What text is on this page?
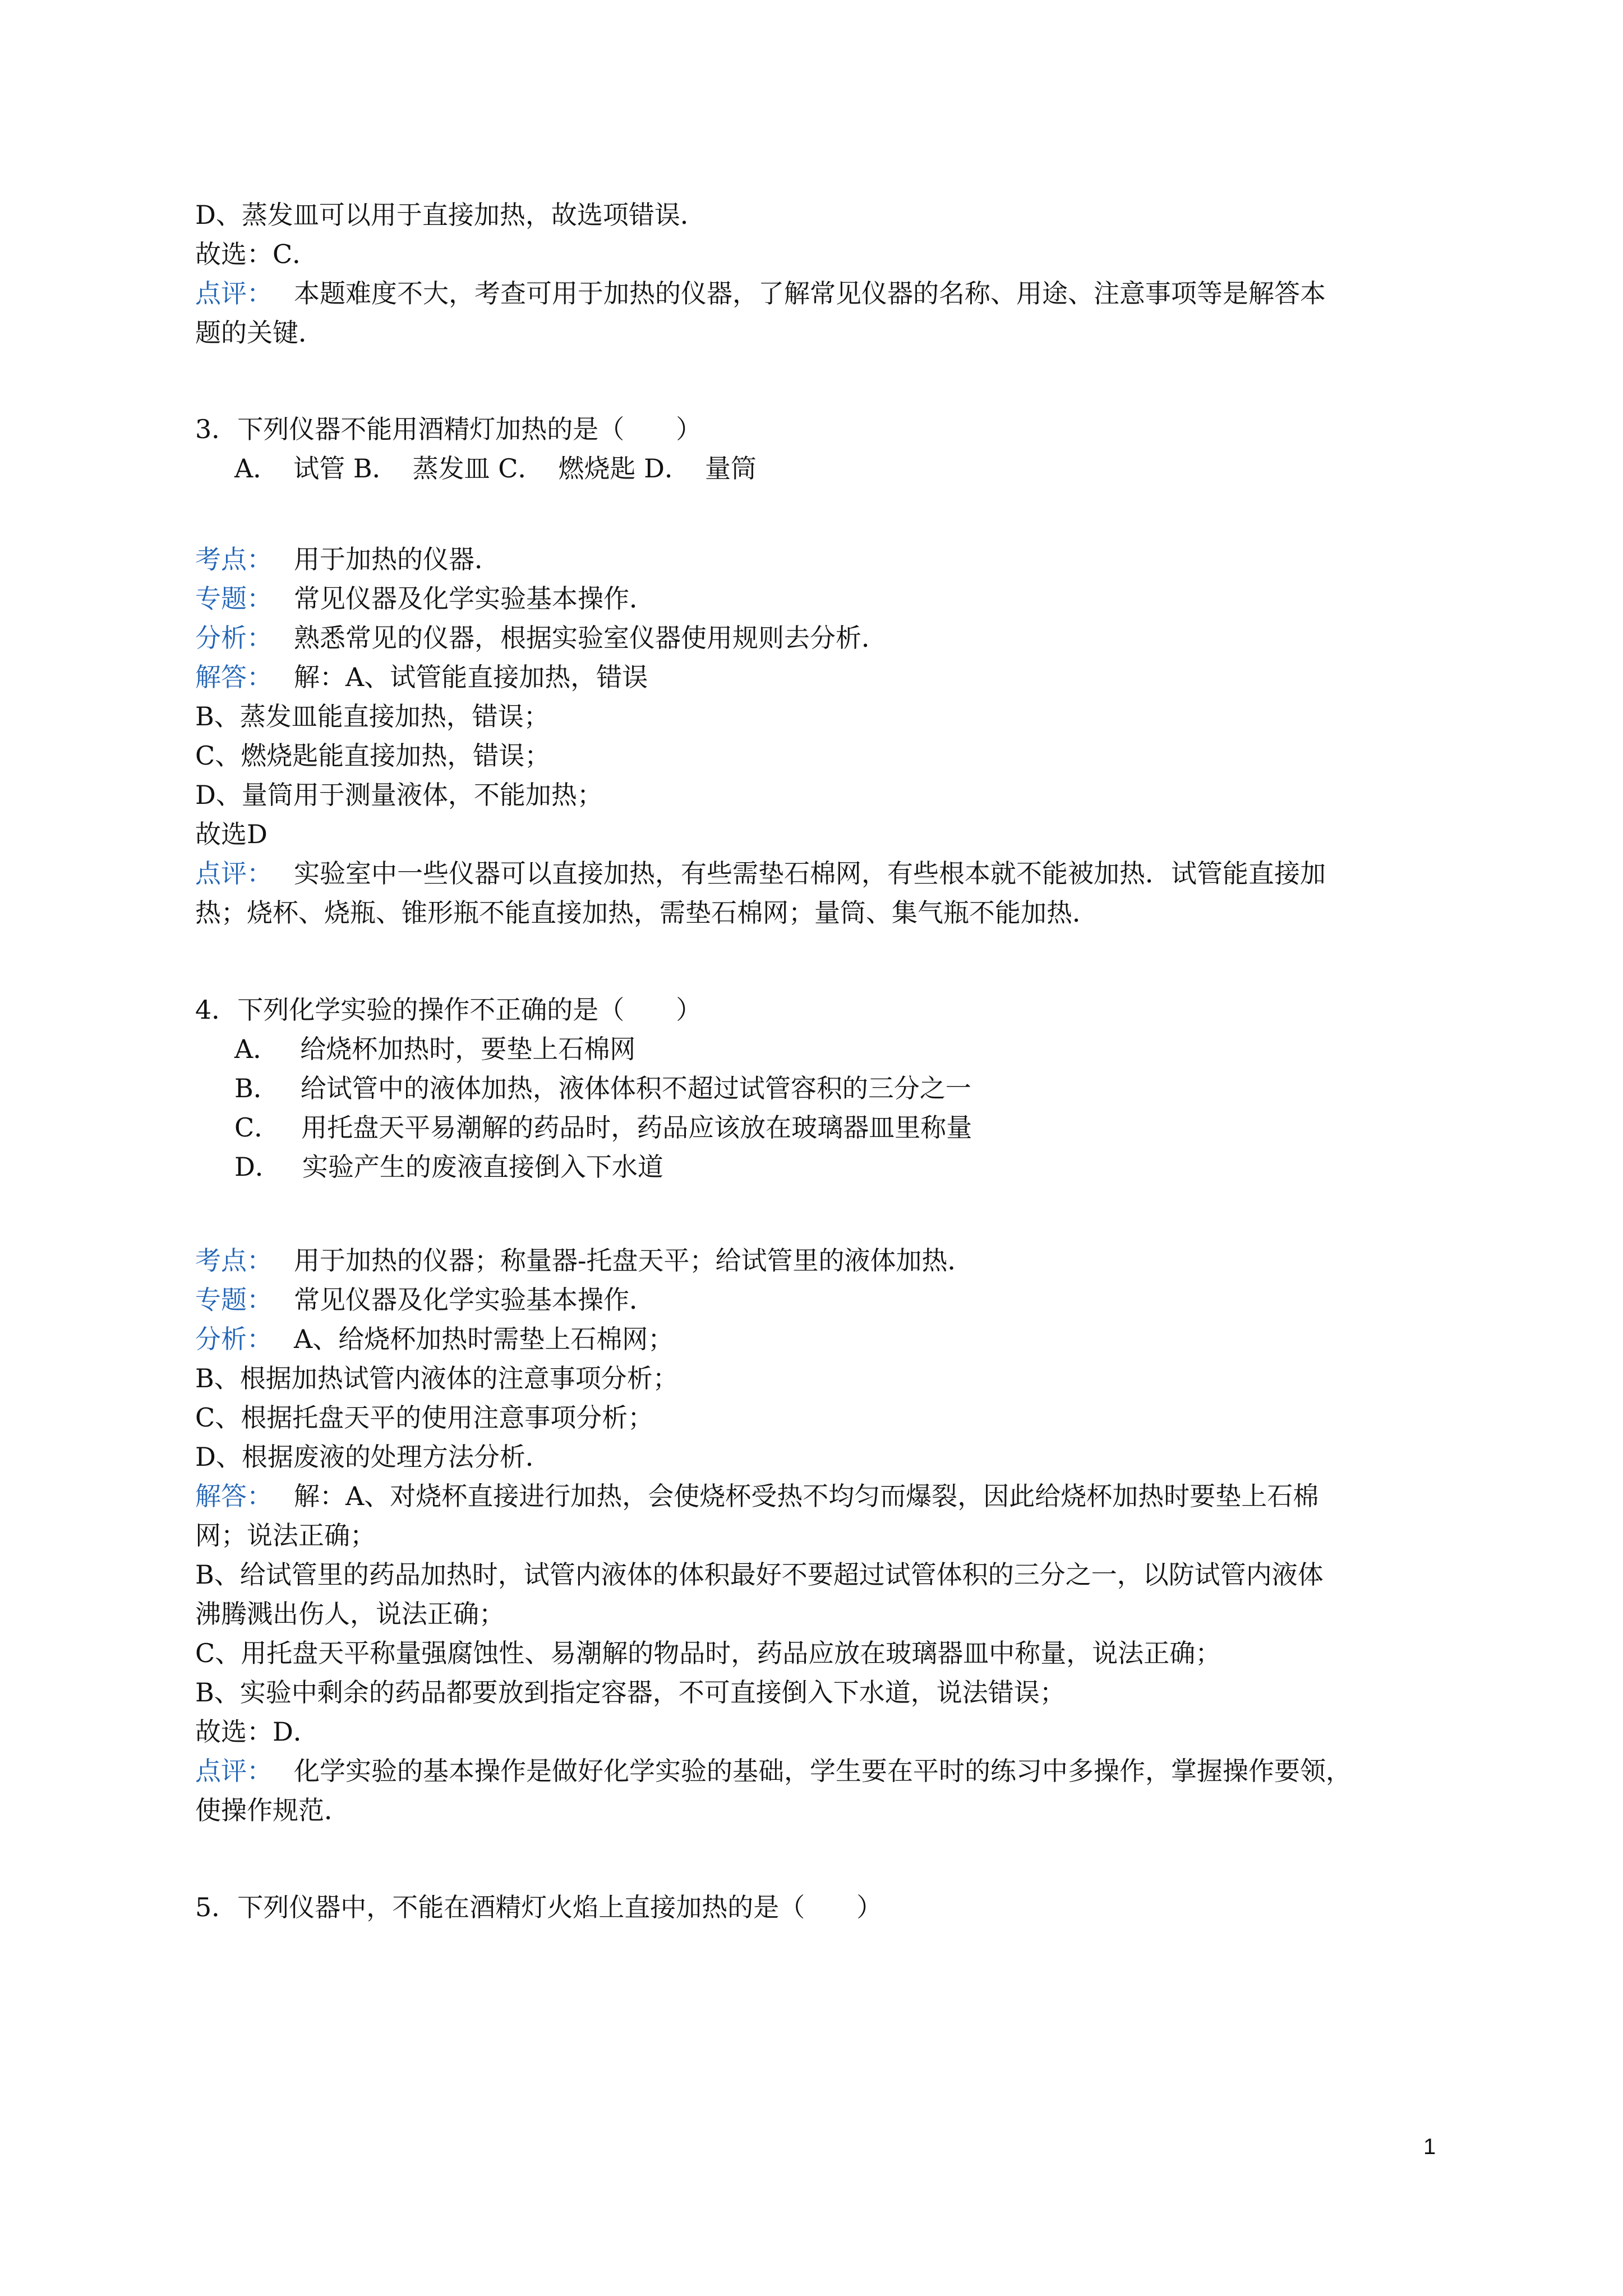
D、蒸发皿可以用于直接加热，故选项错误．
故选：C．
点评： 本题难度不大，考查可用于加热的仪器，了解常见仪器的名称、用途、注意事项等是解答本
题的关键．
3．下列仪器不能用酒精灯加热的是（　　）
A． 试管 B． 蒸发皿 C． 燃烧匙 D． 量筒
考点： 用于加热的仪器．
专题： 常见仪器及化学实验基本操作．
分析： 熟悉常见的仪器，根据实验室仪器使用规则去分析．
解答： 解：A、试管能直接加热，错误
B、蒸发皿能直接加热，错误；
C、燃烧匙能直接加热，错误；
D、量筒用于测量液体，不能加热；
故选D
点评： 实验室中一些仪器可以直接加热，有些需垫石棉网，有些根本就不能被加热．试管能直接加
热；烧杯、烧瓶、锥形瓶不能直接加热，需垫石棉网；量筒、集气瓶不能加热．
4．下列化学实验的操作不正确的是（　　）
A． 给烧杯加热时，要垫上石棉网
B． 给试管中的液体加热，液体体积不超过试管容积的三分之一
C． 用托盘天平易潮解的药品时，药品应该放在玻璃器皿里称量
D． 实验产生的废液直接倒入下水道
考点： 用于加热的仪器；称量器-托盘天平；给试管里的液体加热．
专题： 常见仪器及化学实验基本操作．
分析： A、给烧杯加热时需垫上石棉网；
B、根据加热试管内液体的注意事项分析；
C、根据托盘天平的使用注意事项分析；
D、根据废液的处理方法分析．
解答： 解：A、对烧杯直接进行加热，会使烧杯受热不均匀而爆裂，因此给烧杯加热时要垫上石棉
网；说法正确；
B、给试管里的药品加热时，试管内液体的体积最好不要超过试管体积的三分之一，以防试管内液体
沸腾溅出伤人，说法正确；
C、用托盘天平称量强腐蚀性、易潮解的物品时，药品应放在玻璃器皿中称量，说法正确；
B、实验中剩余的药品都要放到指定容器，不可直接倒入下水道，说法错误；
故选：D．
点评： 化学实验的基本操作是做好化学实验的基础，学生要在平时的练习中多操作，掌握操作要领，
使操作规范．
5．下列仪器中，不能在酒精灯火焰上直接加热的是（　　）
1
